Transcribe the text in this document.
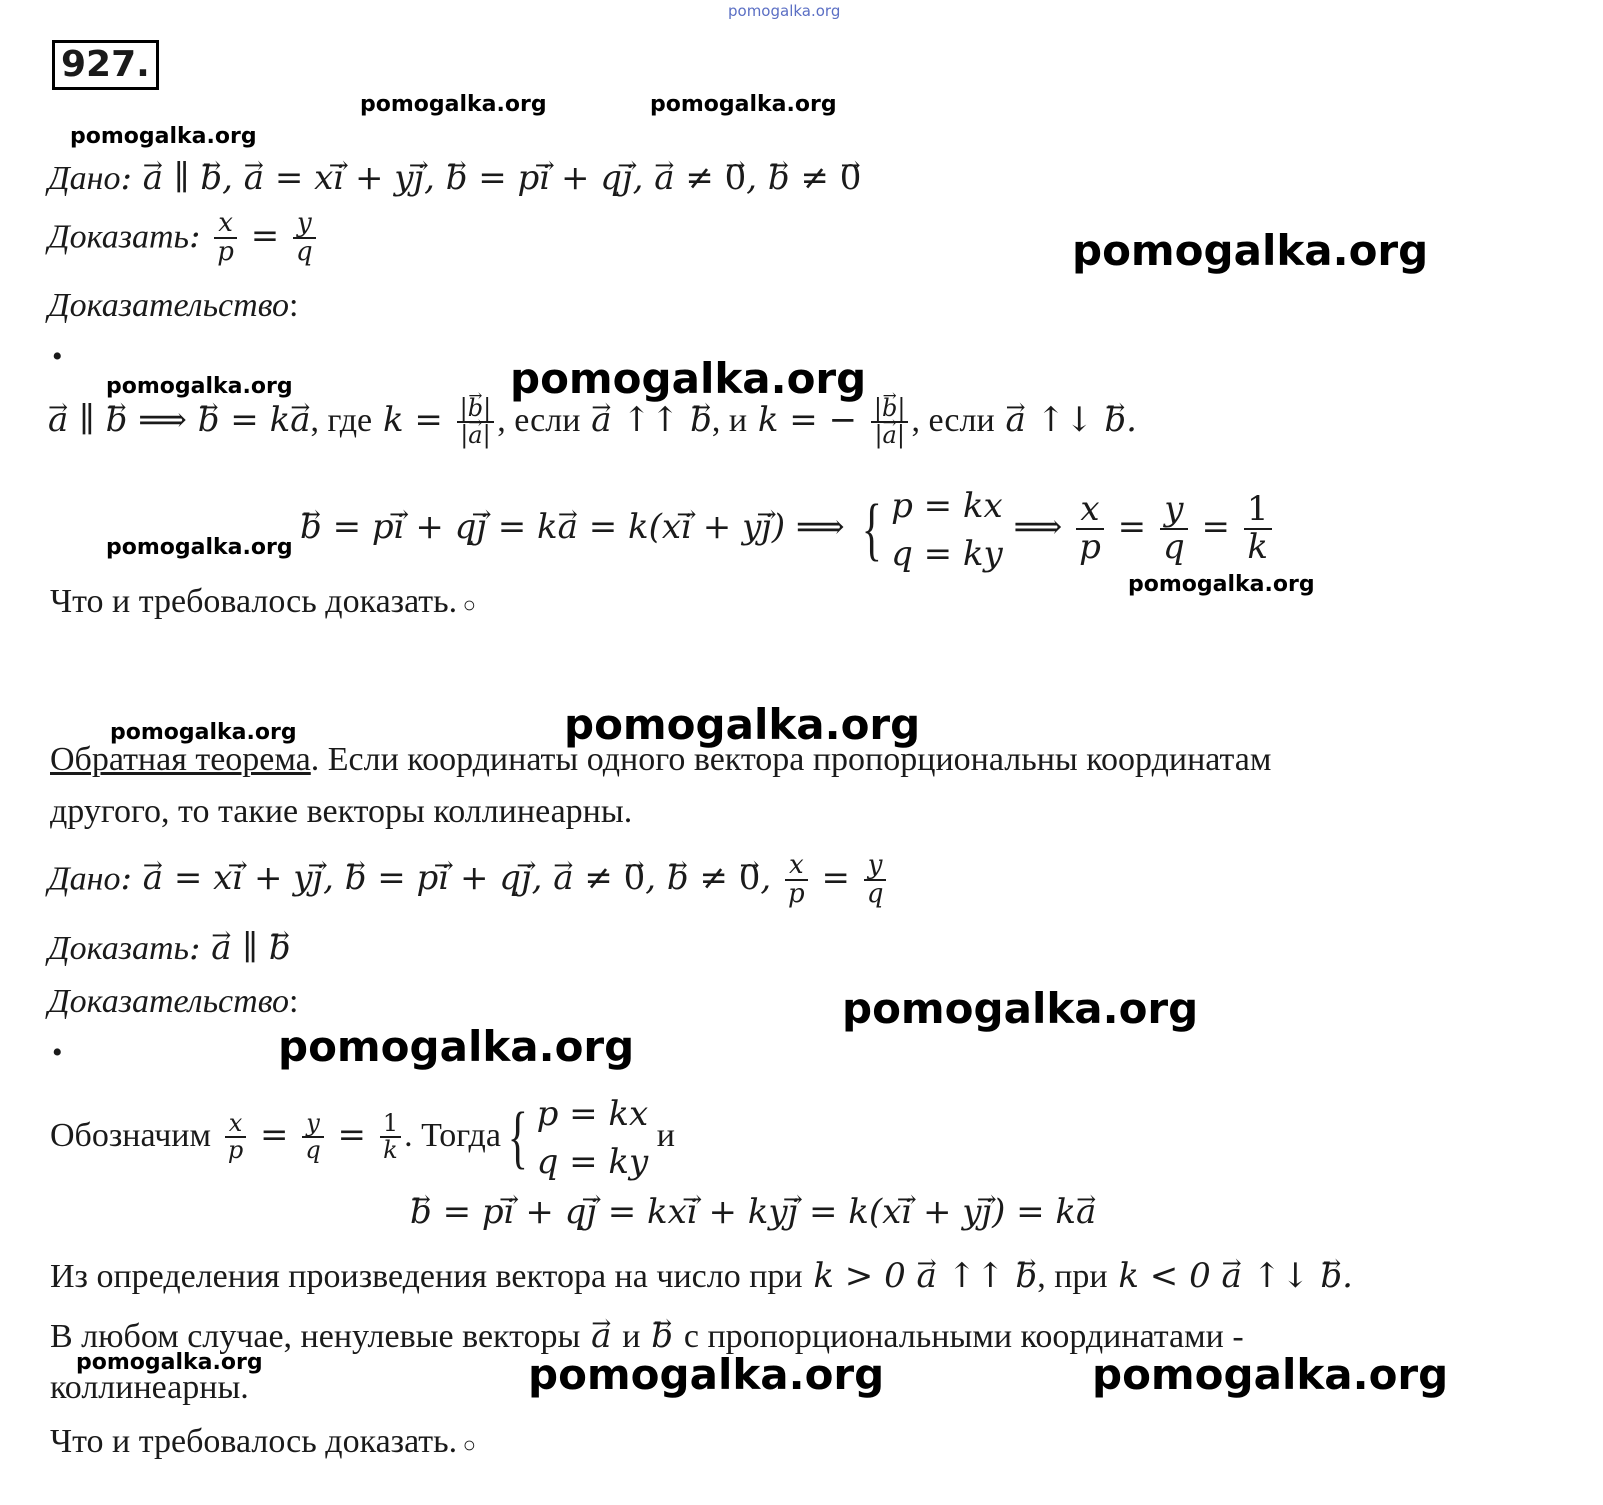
pomogalka.org
pomogalka.org	pomogalka.org
pomogalka.org
pomogalka.org
pomogalka.org	pomogalka.org
pomogalka.org
pomogalka.org
pomogalka.org	pomogalka.org
pomogalka.org
pomogalka.org
pomogalka.org	pomogalka.org	pomogalka.org
927.
Дано: → a ∥ → b, → a = x→ i + y→ j, → b = p→ i + q→ j, → a ≠ → 0, → b ≠ → 0
Доказать: $\frac{x}{p} = \frac{y}{q}$
Доказательство:
•
→ a ∥ → b ⟹ → b = k→ a, где $k = \frac{|\to b|}{|\to a|}$ , если → a ↑↑ → b, и k = − $\frac{|\to b|}{|\to a|}$ , если → a ↑↓ → b.
→ b = p→ i + q→ j = k→ a = k(x→ i + y→ j) ⟹ { p = kx
q = ky
⟹ $\frac{x}{p} = \frac{y}{q} = \frac{1}{k}$
Что и требовалось доказать. ○
Обратная теорема. Если координаты одного вектора пропорциональны координатам
другого, то такие векторы коллинеарны.
Дано: → a = x→ i + y→ j, → b = p→ i + q→ j, → a ≠ → 0, → b ≠ → 0, $\frac{x}{p} = \frac{y}{q}$
Доказать: → a ∥ → b
Доказательство:
•
Обозначим $\frac{x}{p} = \frac{y}{q} = \frac{1}{k}$ . Тогда{ p = kx
q = ky
и
→ b = p→ i + q→ j = kx→ i + ky→ j = k(x→ i + y→ j) = k→ a
Из определения произведения вектора на число при k > 0 → a ↑↑ → b, при k < 0 → a ↑↓ → b.
В любом случае, ненулевые векторы → a и → b с пропорциональными координатами -
коллинеарны.
Что и требовалось доказать. ○
